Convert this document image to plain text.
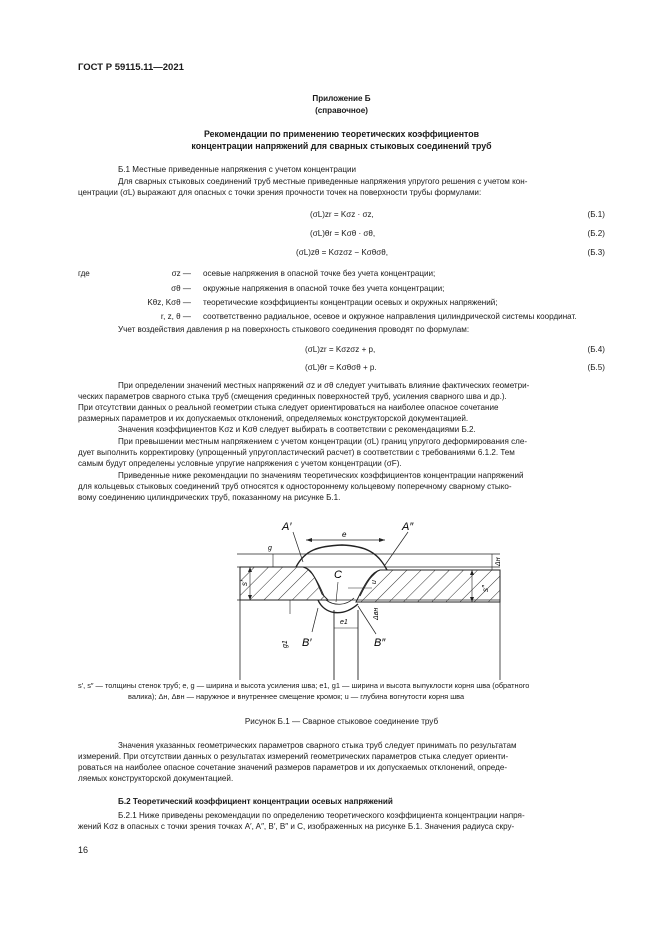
ГОСТ Р 59115.11—2021
Приложение Б
(справочное)
Рекомендации по применению теоретических коэффициентов
концентрации напряжений для сварных стыковых соединений труб
Б.1 Местные приведенные напряжения с учетом концентрации
Для сварных стыковых соединений труб местные приведенные напряжения упругого решения с учетом кон-
центрации (σL) выражают для опасных с точки зрения прочности точек на поверхности трубы формулами:
(σL)zr = Kσz · σz,	(Б.1)
(σL)θr = Kσθ · σθ,	(Б.2)
(σL)zθ = Kσzσz − Kσθσθ,	(Б.3)
где	σz — осевые напряжения в опасной точке без учета концентрации;
σθ — окружные напряжения в опасной точке без учета концентрации;
Kθz, Kσθ — теоретические коэффициенты концентрации осевых и окружных напряжений;
r, z, θ — соответственно радиальное, осевое и окружное направления цилиндрической системы координат.
Учет воздействия давления p на поверхность стыкового соединения проводят по формулам:
(σL)zr = Kσzσz + p,	(Б.4)
(σL)θr = Kσθσθ + p.	(Б.5)
При определении значений местных напряжений σz и σθ следует учитывать влияние фактических геометри-
ческих параметров сварного стыка труб (смещения срединных поверхностей труб, усиления сварного шва и др.).
При отсутствии данных о реальной геометрии стыка следует ориентироваться на наиболее опасное сочетание
размерных параметров и их допускаемых отклонений, определяемых конструкторской документацией.
Значения коэффициентов Kσz и Kσθ следует выбирать в соответствии с рекомендациями Б.2.
При превышении местным напряжением с учетом концентрации (σL) границ упругого деформирования сле-
дует выполнить корректировку (упрощенный упругопластический расчет) в соответствии с требованиями 6.1.2. Тем
самым будут определены условные упругие напряжения с учетом концентрации (σF).
Приведенные ниже рекомендации по значениям теоретических коэффициентов концентрации напряжений
для кольцевых стыковых соединений труб относятся к одностороннему кольцевому поперечному сварному стыко-
вому соединению цилиндрических труб, показанному на рисунке Б.1.
e
A′	A″
g
s′
s″
Δн
C
u
Δвн
g1
e1
B′	B″
s′, s″ — толщины стенок труб; e, g — ширина и высота усиления шва; e1, g1 — ширина и высота выпуклости корня шва (обратного
валика); Δн, Δвн — наружное и внутреннее смещение кромок; u — глубина вогнутости корня шва
Рисунок Б.1 — Сварное стыковое соединение труб
Значения указанных геометрических параметров сварного стыка труб следует принимать по результатам
измерений. При отсутствии данных о результатах измерений геометрических параметров стыка следует ориенти-
роваться на наиболее опасное сочетание значений размеров параметров и их допускаемых отклонений, опреде-
ляемых конструкторской документацией.
Б.2 Теоретический коэффициент концентрации осевых напряжений
Б.2.1 Ниже приведены рекомендации по определению теоретического коэффициента концентрации напря-
жений Kσz в опасных с точки зрения точках A′, A″, B′, B″ и C, изображенных на рисунке Б.1. Значения радиуса скру-
16
